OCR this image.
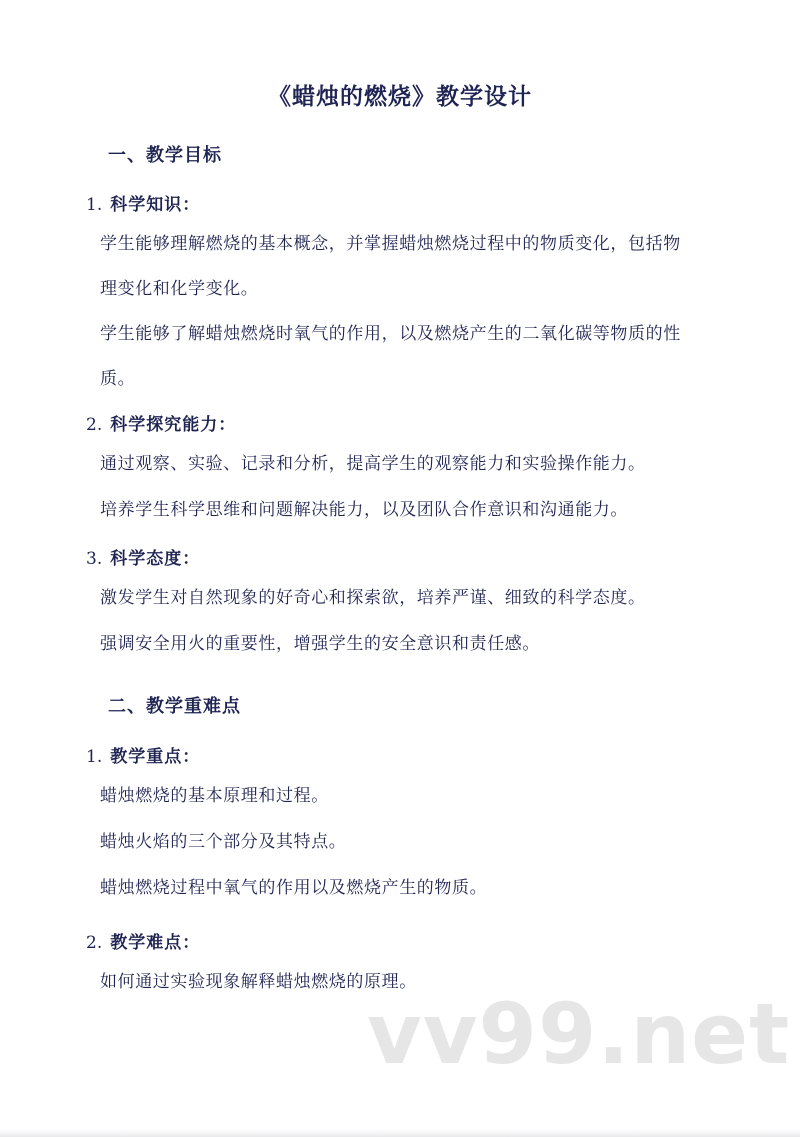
《蜡烛的燃烧》教学设计
一、教学目标
1. 科学知识：
学生能够理解燃烧的基本概念，并掌握蜡烛燃烧过程中的物质变化，包括物理变化和化学变化。
学生能够了解蜡烛燃烧时氧气的作用，以及燃烧产生的二氧化碳等物质的性质。
2. 科学探究能力：
通过观察、实验、记录和分析，提高学生的观察能力和实验操作能力。
培养学生科学思维和问题解决能力，以及团队合作意识和沟通能力。
3. 科学态度：
激发学生对自然现象的好奇心和探索欲，培养严谨、细致的科学态度。
强调安全用火的重要性，增强学生的安全意识和责任感。
二、教学重难点
1. 教学重点：
蜡烛燃烧的基本原理和过程。
蜡烛火焰的三个部分及其特点。
蜡烛燃烧过程中氧气的作用以及燃烧产生的物质。
2. 教学难点：
如何通过实验现象解释蜡烛燃烧的原理。
vv99.net
